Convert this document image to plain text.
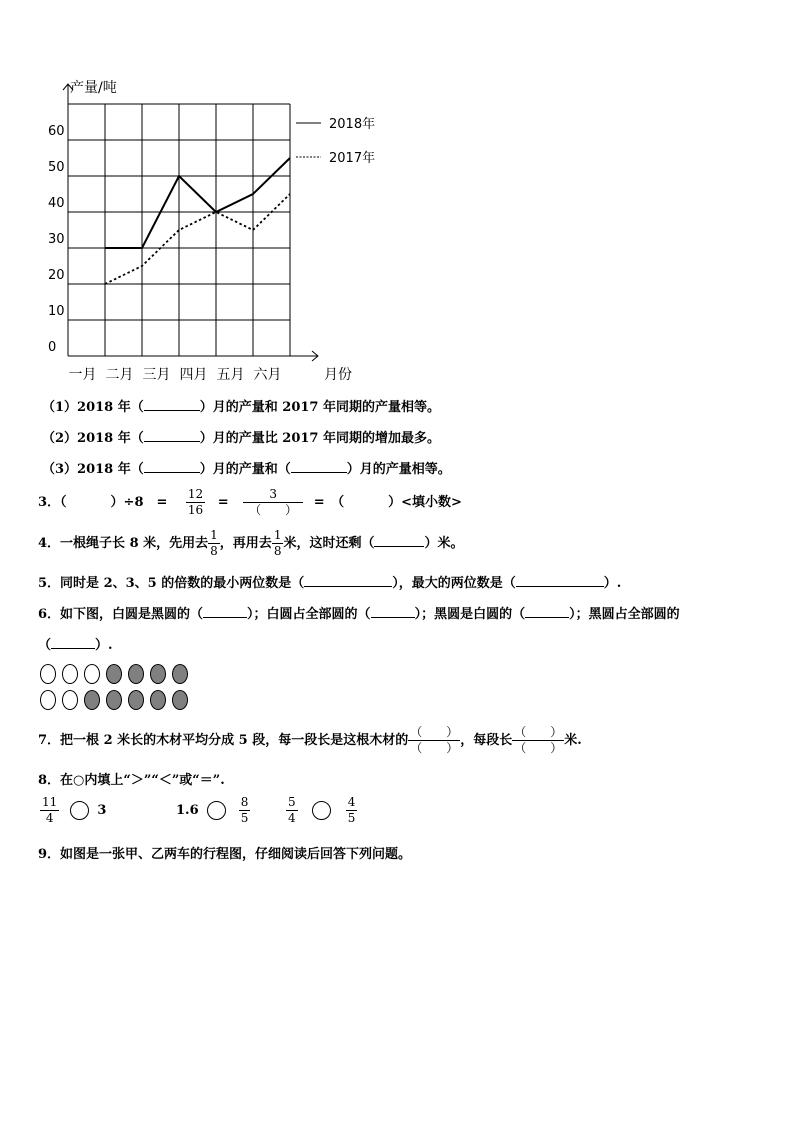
0
10
20
30
40
50
60
一月 二月 三月 四月 五月 六月
产量/吨
月份
2018年
2017年
（1）2018 年（	）月的产量和 2017 年同期的产量相等。
（2）2018 年（	）月的产量比 2017 年同期的增加最多。
（3）2018 年（	）月的产量和（	）月的产量相等。
3．（	）÷8　= $\frac{12}{16} = \frac{3}{( )}$ =　（	）<填小数>
4．一根绳子长 8 米，先用去 $\frac{1}{8}$ ，再用去 $\frac{1}{8}$ 米，这时还剩（	）米。
5．同时是 2、3、5 的倍数的最小两位数是（	），最大的两位数是（	）.
6．如下图，白圆是黑圆的（	）；白圆占全部圆的（	）；黑圆是白圆的（	）；黑圆占全部圆的
（	）.
7．把一根 2 米长的木材平均分成 5 段，每一段长是这根木材的 $\frac{( )}{( )}$ ，每段长 $\frac{( )}{( )}$ 米.
8．在○内填上“＞”“＜”或“＝”.
$\frac{11}{4}$	3	1.6	$\frac{8}{5}$	$\frac{5}{4}$
	$\frac{4}{5}$
9．如图是一张甲、乙两车的行程图，仔细阅读后回答下列问题。
